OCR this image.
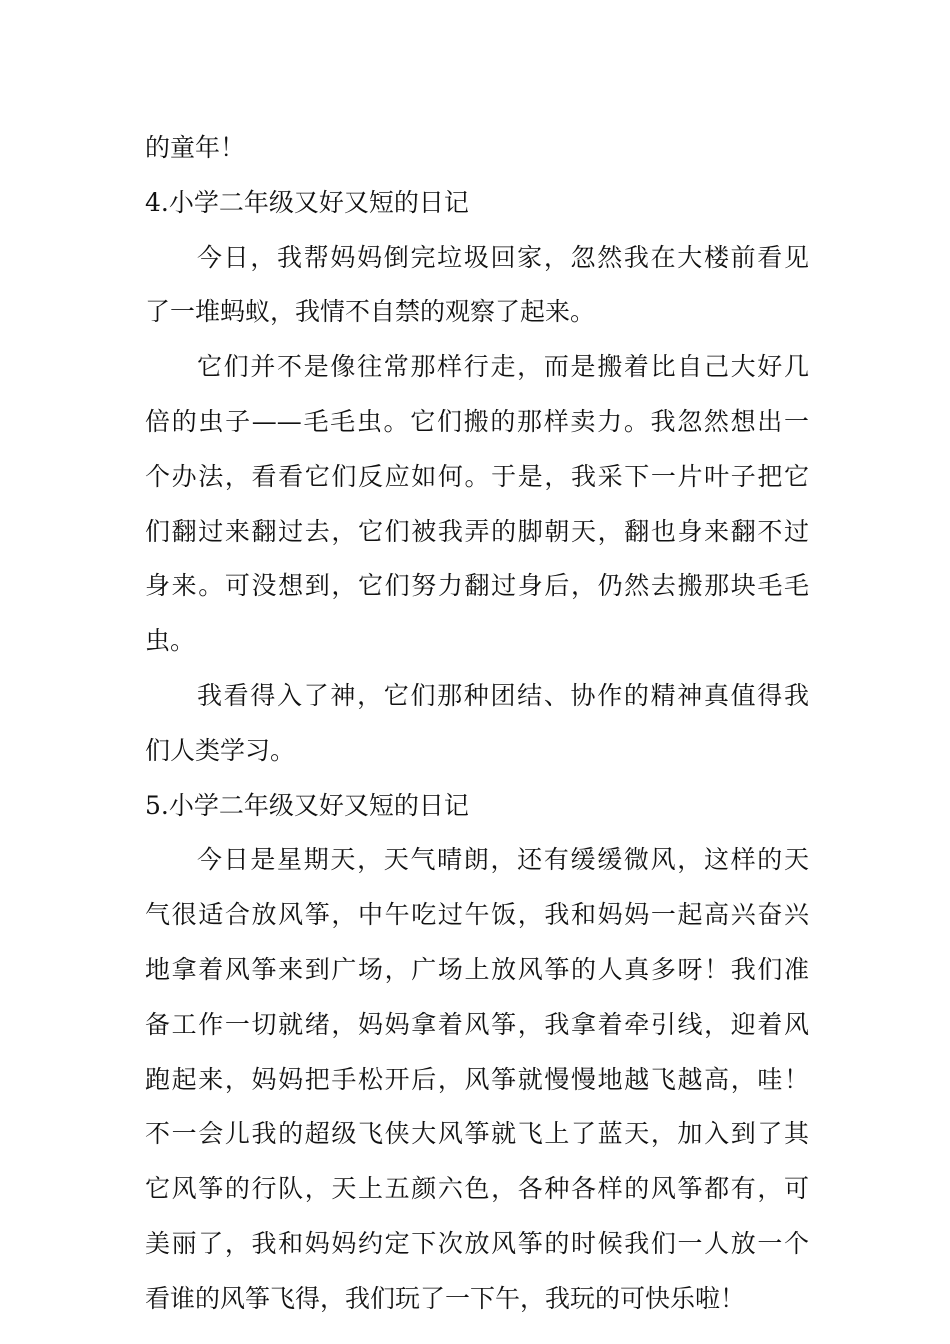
的童年！
4.小学二年级又好又短的日记
今日，我帮妈妈倒完垃圾回家，忽然我在大楼前看见
了一堆蚂蚁，我情不自禁的观察了起来。
它们并不是像往常那样行走，而是搬着比自己大好几
倍的虫子——毛毛虫。它们搬的那样卖力。我忽然想出一
个办法，看看它们反应如何。于是，我采下一片叶子把它
们翻过来翻过去，它们被我弄的脚朝天，翻也身来翻不过
身来。可没想到，它们努力翻过身后，仍然去搬那块毛毛
虫。
我看得入了神，它们那种团结、协作的精神真值得我
们人类学习。
5.小学二年级又好又短的日记
今日是星期天，天气晴朗，还有缓缓微风，这样的天
气很适合放风筝，中午吃过午饭，我和妈妈一起高兴奋兴
地拿着风筝来到广场，广场上放风筝的人真多呀！我们准
备工作一切就绪，妈妈拿着风筝，我拿着牵引线，迎着风
跑起来，妈妈把手松开后，风筝就慢慢地越飞越高，哇！
不一会儿我的超级飞侠大风筝就飞上了蓝天，加入到了其
它风筝的行队，天上五颜六色，各种各样的风筝都有，可
美丽了，我和妈妈约定下次放风筝的时候我们一人放一个
看谁的风筝飞得，我们玩了一下午，我玩的可快乐啦！
